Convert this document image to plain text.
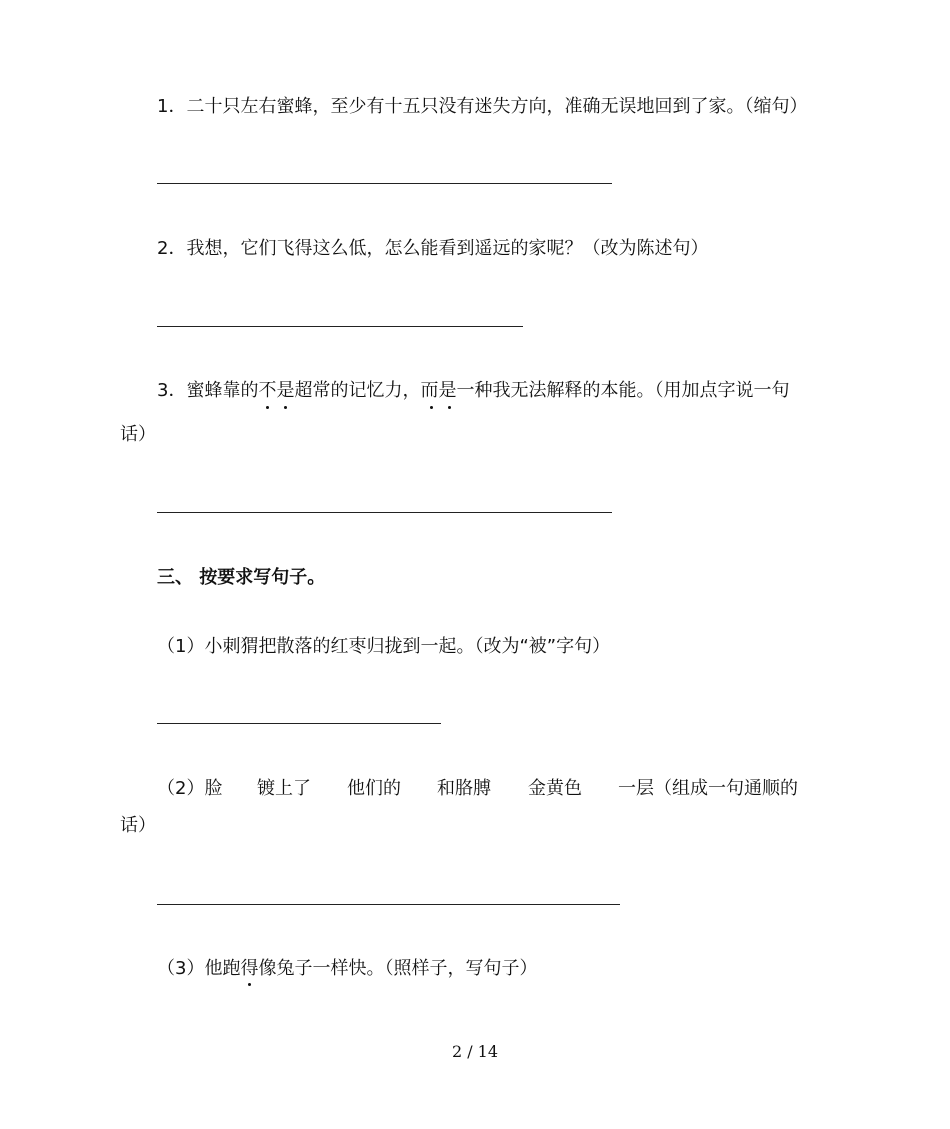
1．二十只左右蜜蜂，至少有十五只没有迷失方向，准确无误地回到了家。（缩句）
2．我想，它们飞得这么低，怎么能看到遥远的家呢？（改为陈述句）
3．蜜蜂靠的不是超常的记忆力，而是一种我无法解释的本能。（用加点字说一句
话）
三、 按要求写句子。
（1）小刺猬把散落的红枣归拢到一起。（改为“被”字句）
（2）脸 镀上了 他们的 和胳膊 金黄色 一层（组成一句通顺的
话）
（3）他跑得像兔子一样快。（照样子，写句子）
2 / 14
